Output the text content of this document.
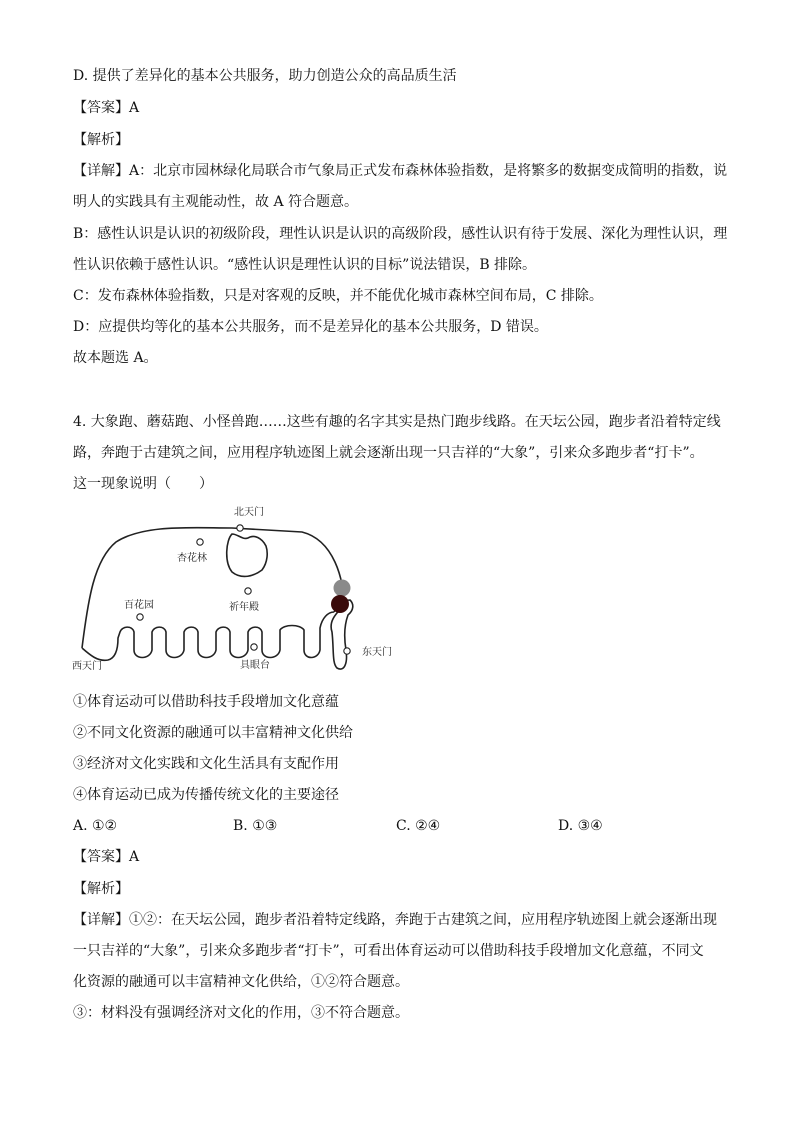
D. 提供了差异化的基本公共服务，助力创造公众的高品质生活
【答案】A
【解析】
【详解】A：北京市园林绿化局联合市气象局正式发布森林体验指数，是将繁多的数据变成简明的指数，说
明人的实践具有主观能动性，故 A 符合题意。
B：感性认识是认识的初级阶段，理性认识是认识的高级阶段，感性认识有待于发展、深化为理性认识，理
性认识依赖于感性认识。“感性认识是理性认识的目标”说法错误，B 排除。
C：发布森林体验指数，只是对客观的反映，并不能优化城市森林空间布局，C 排除。
D：应提供均等化的基本公共服务，而不是差异化的基本公共服务，D 错误。
故本题选 A。
4. 大象跑、蘑菇跑、小怪兽跑……这些有趣的名字其实是热门跑步线路。在天坛公园，跑步者沿着特定线
路，奔跑于古建筑之间，应用程序轨迹图上就会逐渐出现一只吉祥的“大象”，引来众多跑步者“打卡”。
这一现象说明（　　）
北天门
杏花林
百花园	祈年殿
东天门
西天门	具眼台
①体育运动可以借助科技手段增加文化意蕴
②不同文化资源的融通可以丰富精神文化供给
③经济对文化实践和文化生活具有支配作用
④体育运动已成为传播传统文化的主要途径
A. ①②	B. ①③	C. ②④	D. ③④
【答案】A
【解析】
【详解】①②：在天坛公园，跑步者沿着特定线路，奔跑于古建筑之间，应用程序轨迹图上就会逐渐出现
一只吉祥的“大象”，引来众多跑步者“打卡”，可看出体育运动可以借助科技手段增加文化意蕴，不同文
化资源的融通可以丰富精神文化供给，①②符合题意。
③：材料没有强调经济对文化的作用，③不符合题意。
